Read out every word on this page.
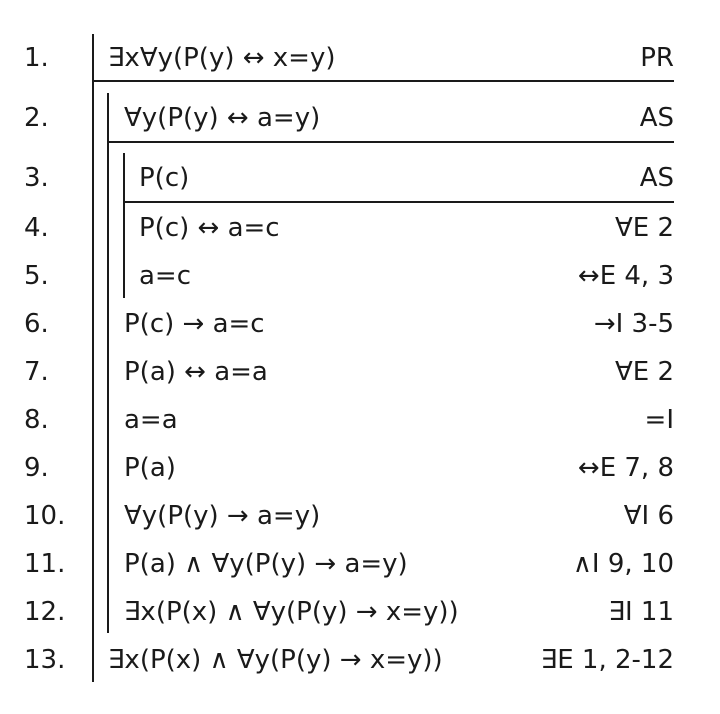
1. ∃x∀y(P(y) ↔ x=y)	PR
2.	∀y(P(y) ↔ a=y)	AS
3.	P(c)	AS
4.	P(c) ↔ a=c	∀E 2
5.	a=c	↔E 4, 3
6.	P(c) → a=c	→I 3-5
7.	P(a) ↔ a=a	∀E 2
8.	a=a	=I
9.	P(a)	↔E 7, 8
10. ∀y(P(y) → a=y)	∀I 6
11. P(a) ∧ ∀y(P(y) → a=y)	∧I 9, 10
12. ∃x(P(x) ∧ ∀y(P(y) → x=y))	∃I 11
13. ∃x(P(x) ∧ ∀y(P(y) → x=y))	∃E 1, 2-12
